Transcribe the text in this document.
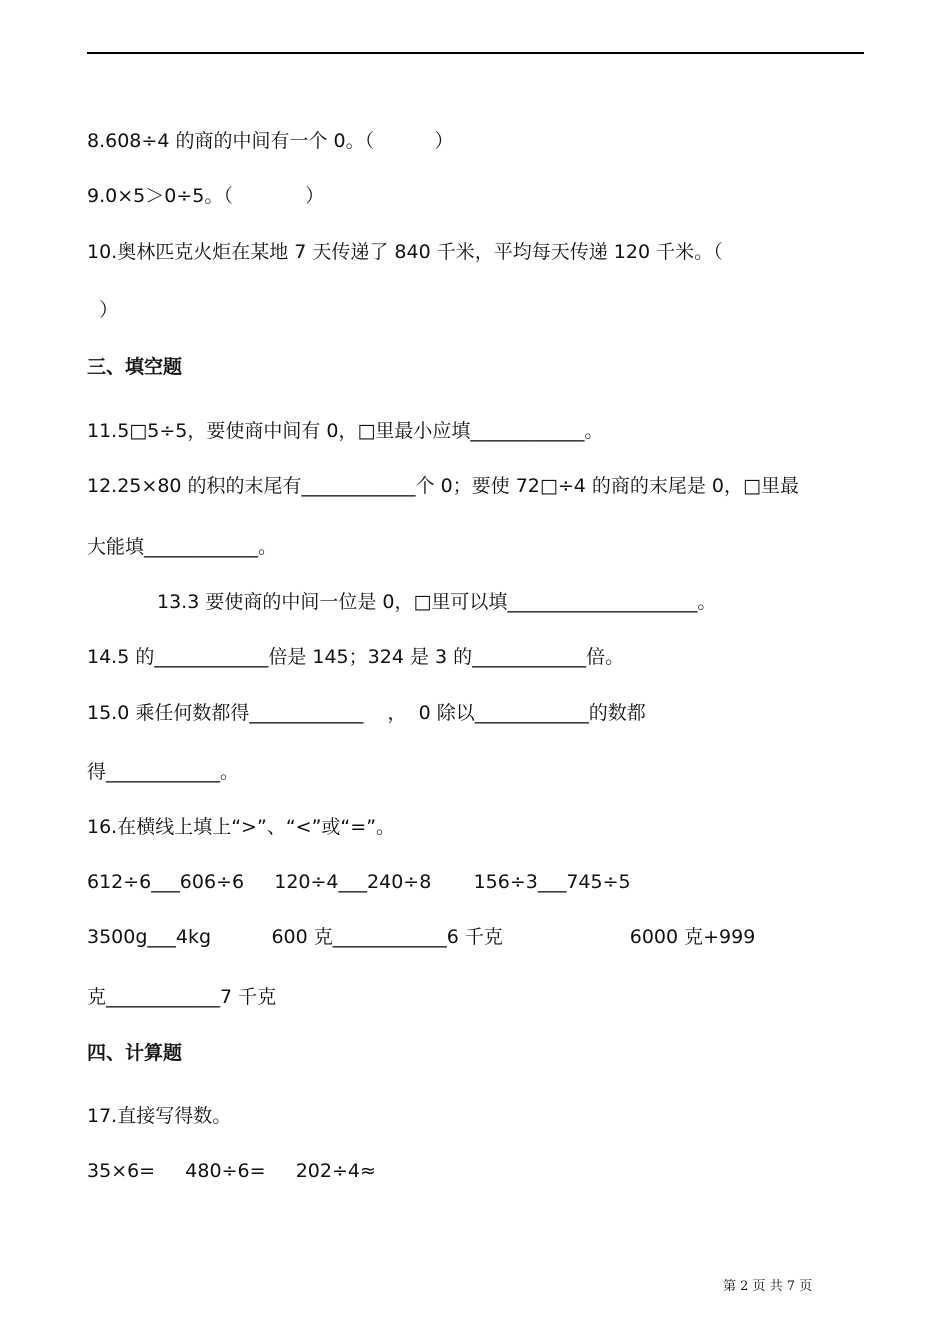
8.608÷4 的商的中间有一个 0。（          ）
9.0×5＞0÷5。（            ）
10.奥林匹克火炬在某地 7 天传递了 840 千米，平均每天传递 120 千米。（
）
三、填空题
11.5□5÷5，要使商中间有 0，□里最小应填____________。
12.25×80 的积的末尾有____________个 0；要使 72□÷4 的商的末尾是 0，□里最
大能填____________。
13.3 要使商的中间一位是 0，□里可以填____________________。
14.5 的____________倍是 145；324 是 3 的____________倍。
15.0 乘任何数都得____________    ，  0 除以____________的数都
得____________。
16.在横线上填上“>”、“<”或“=”。
612÷6___606÷6     120÷4___240÷8       156÷3___745÷5
3500g___4kg          600 克____________6 千克                     6000 克+999
克____________7 千克
四、计算题
17.直接写得数。
35×6=     480÷6=     202÷4≈
第 2 页 共 7 页
